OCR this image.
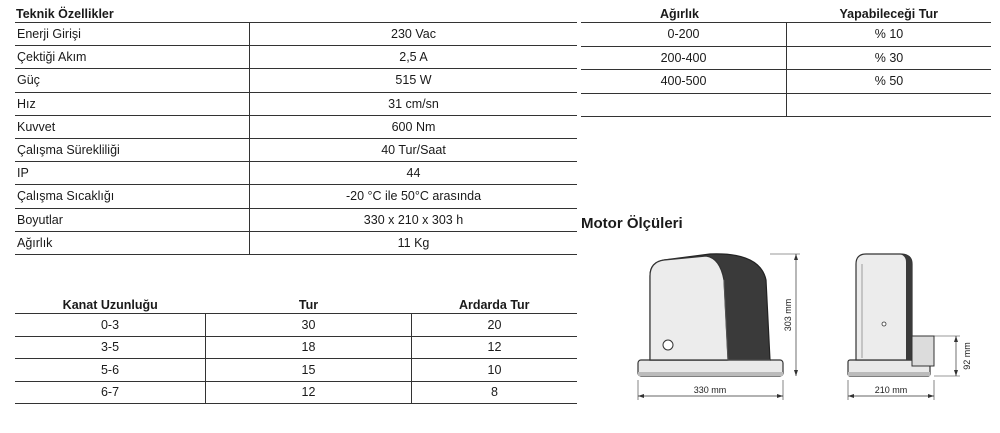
Teknik Özellikler	
Enerji Girişi	230 Vac
Çektiği Akım	2,5 A
Güç	515 W
Hız	31 cm/sn
Kuvvet	600 Nm
Çalışma Sürekliliği	40 Tur/Saat
IP	44
Çalışma Sıcaklığı	-20 °C ile 50°C arasında
Boyutlar	330 x 210 x 303 h
Ağırlık	11 Kg
Ağırlık	Yapabileceği Tur
0-200	% 10
200-400	% 30
400-500	% 50

Kanat Uzunluğu	Tur	Ardarda Tur
0-3	30	20
3-5	18	12
5-6	15	10
6-7	12	8
Motor Ölçüleri
330 mm
303 mm
210 mm
92 mm
